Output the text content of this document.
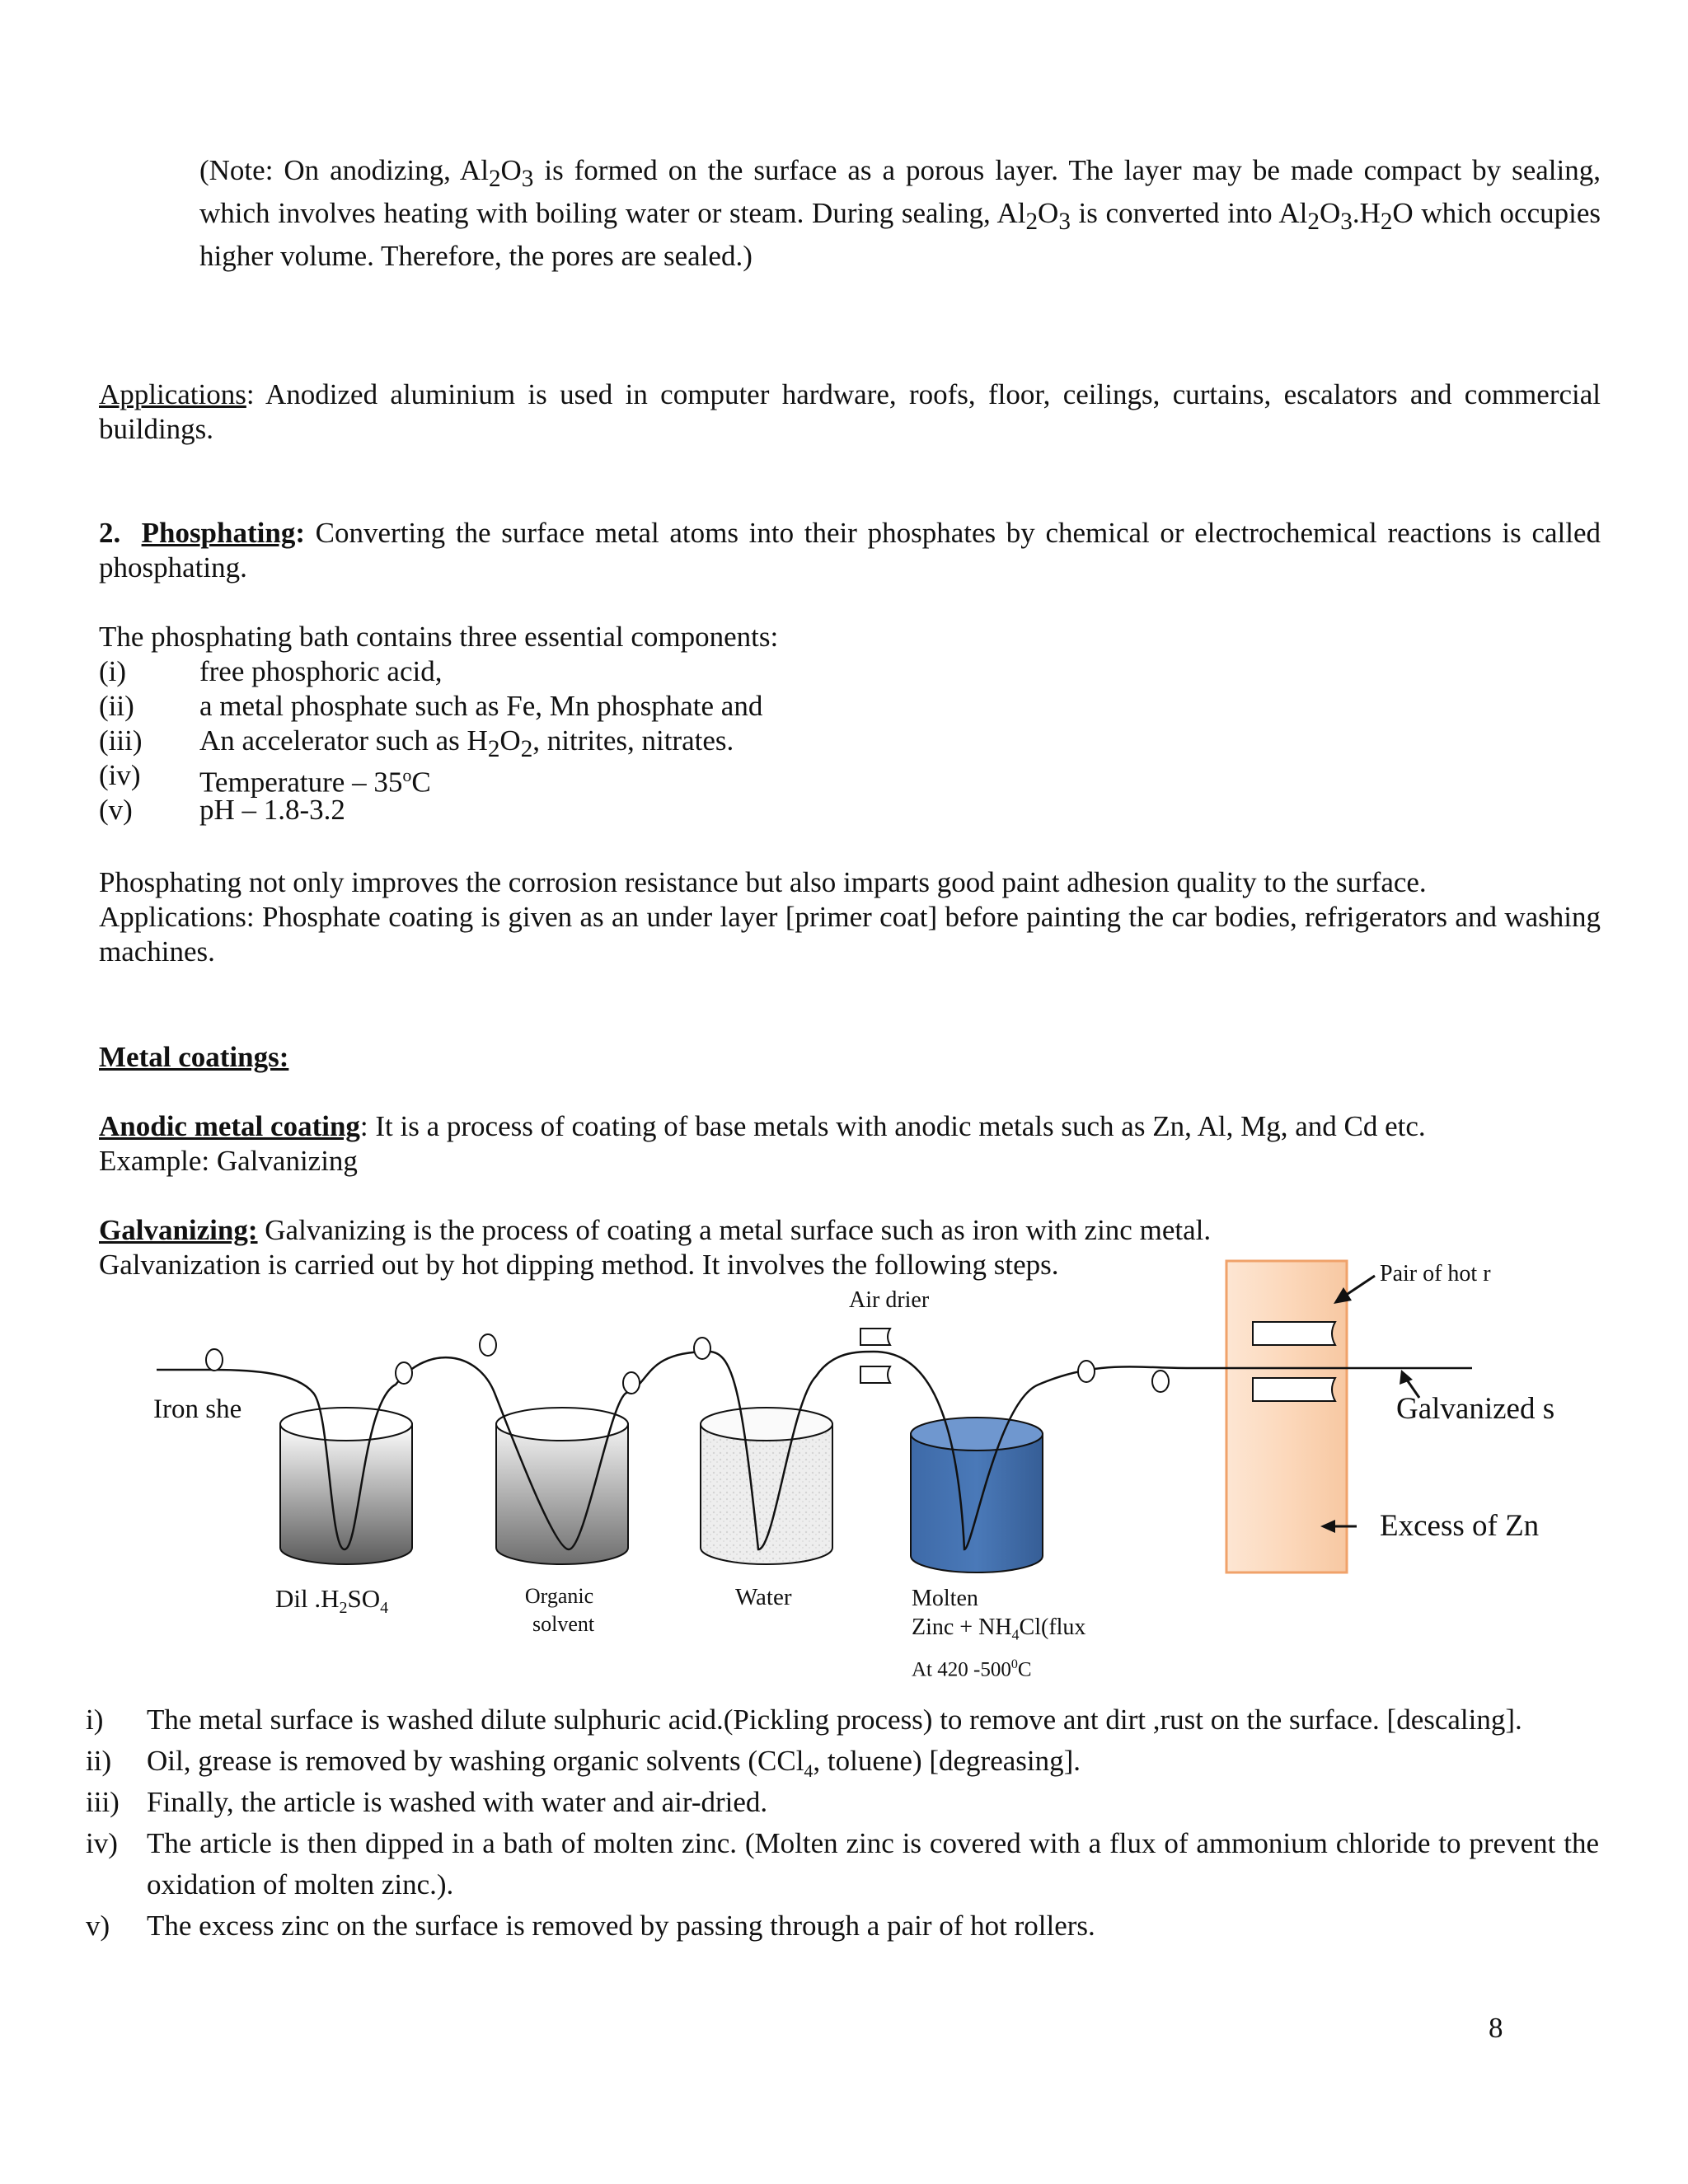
(Note: On anodizing, $Al_2O_3$ is formed on the surface as a porous layer. The layer may be made compact by sealing, which involves heating with boiling water or steam. During sealing, $Al_2O_3$ is converted into $Al_2O_3.H_2O$ which occupies higher volume. Therefore, the pores are sealed.)
Applications: Anodized aluminium is used in computer hardware, roofs, floor, ceilings, curtains, escalators and commercial buildings.
2. Phosphating: Converting the surface metal atoms into their phosphates by chemical or electrochemical reactions is called phosphating.
The phosphating bath contains three essential components:
(i)	free phosphoric acid,
(ii) a metal phosphate such as Fe, Mn phosphate and
(iii) An accelerator such as $H_2O_2$, nitrites, nitrates.
(iv) Temperature – 35$^o$C
(v) pH – 1.8-3.2
Phosphating not only improves the corrosion resistance but also imparts good paint adhesion quality to the surface.
Applications: Phosphate coating is given as an under layer [primer coat] before painting the car bodies, refrigerators and washing machines.
Metal coatings:
Anodic metal coating: It is a process of coating of base metals with anodic metals such as Zn, Al, Mg, and Cd etc.
Example: Galvanizing
Galvanizing: Galvanizing is the process of coating a metal surface such as iron with zinc metal.
Galvanization is carried out by hot dipping method. It involves the following steps.
Iron she
Air drier
Pair of hot r
Galvanized s
Excess of Zn
Dil $.H_2SO_4$
Organic
solvent
Water	Molten
Zinc + $NH_4Cl(flux$
At 420 $-500^0C$
i) The metal surface is washed dilute sulphuric acid.(Pickling process) to remove ant dirt ,rust on the surface. [descaling].
ii) Oil, grease is removed by washing organic solvents (CCl$_4$, toluene) [degreasing].
iii) Finally, the article is washed with water and air-dried.
iv) The article is then dipped in a bath of molten zinc. (Molten zinc is covered with a flux of ammonium chloride to prevent the oxidation of molten zinc.).
v) The excess zinc on the surface is removed by passing through a pair of hot rollers.
8
